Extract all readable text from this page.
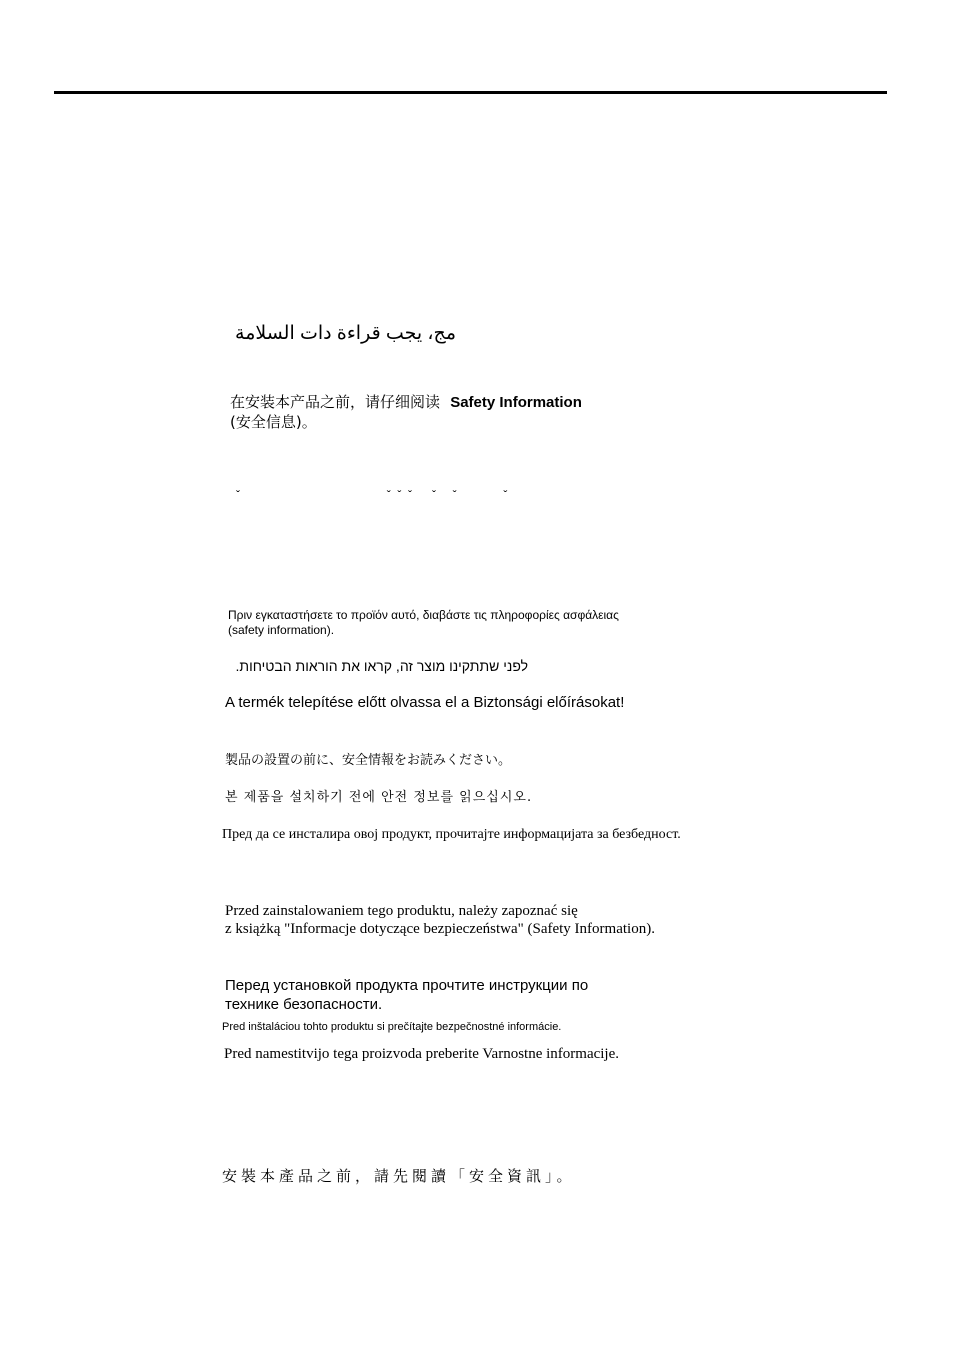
مج، يجب قراءة دات السلامة
在安装本产品之前，请仔细阅读 Safety Information
(安全信息)。
ˇ                                            ˇ  ˇ  ˇ      ˇ     ˇ              ˇ
Πριν εγκαταστήσετε το προϊόν αυτό, διαβάστε τις πληροφορίες ασφάλειας
(safety information).
לפני שתתקינו מוצר זה, קראו את הוראות הבטיחות.
A termék telepítése előtt olvassa el a Biztonsági előírásokat!
製品の設置の前に、安全情報をお読みください。
본 제품을 설치하기 전에 안전 정보를 읽으십시오.
Пред да се инсталира овој продукт, прочитајте информацијата за безбедност.
Przed zainstalowaniem tego produktu, należy zapoznać się
z książką "Informacje dotyczące bezpieczeństwa" (Safety Information).
Перед установкой продукта прочтите инструкции по
технике безопасности.
Pred inštaláciou tohto produktu si prečítajte bezpečnostné informácie.
Pred namestitvijo tega proizvoda preberite Varnostne informacije.
安裝本產品之前，請先閱讀「安全資訊」。
